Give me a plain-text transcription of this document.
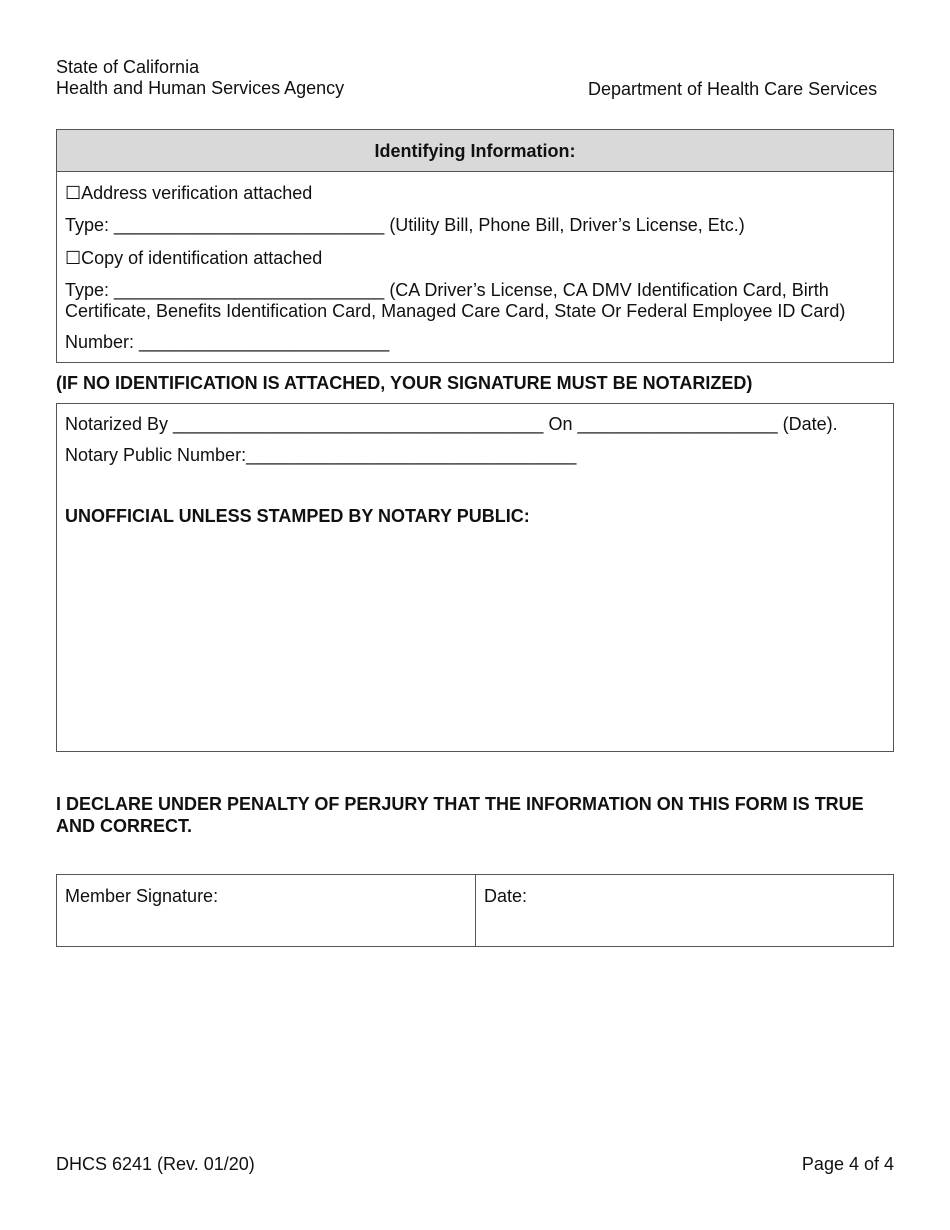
State of California
Health and Human Services Agency	Department of Health Care Services
Identifying Information:
☐Address verification attached
Type: ___________________________ (Utility Bill, Phone Bill, Driver’s License, Etc.)
☐Copy of identification attached
Type: ___________________________ (CA Driver’s License, CA DMV Identification Card, Birth Certificate, Benefits Identification Card, Managed Care Card, State Or Federal Employee ID Card)
Number: _________________________
(IF NO IDENTIFICATION IS ATTACHED, YOUR SIGNATURE MUST BE NOTARIZED)
Notarized By _____________________________________ On ____________________ (Date).
Notary Public Number:_________________________________
UNOFFICIAL UNLESS STAMPED BY NOTARY PUBLIC:
I DECLARE UNDER PENALTY OF PERJURY THAT THE INFORMATION ON THIS FORM IS TRUE AND CORRECT.
Member Signature:	Date:
DHCS 6241 (Rev. 01/20)	Page 4 of 4
